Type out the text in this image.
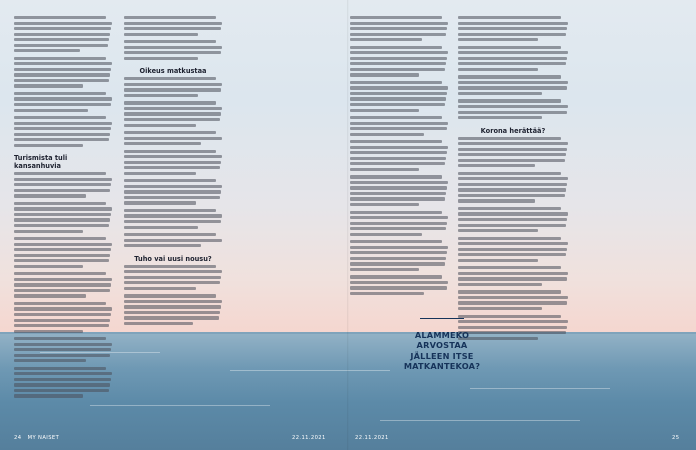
Turismista tuli kansanhuvia
Oikeus matkustaa
Tuho vai uusi nousu?
Korona herättää?
ALAMMEKO ARVOSTAA JÄLLEEN ITSE MATKANTEKOA?
24 MY NAISET	22.11.2021	22.11.2021	25
